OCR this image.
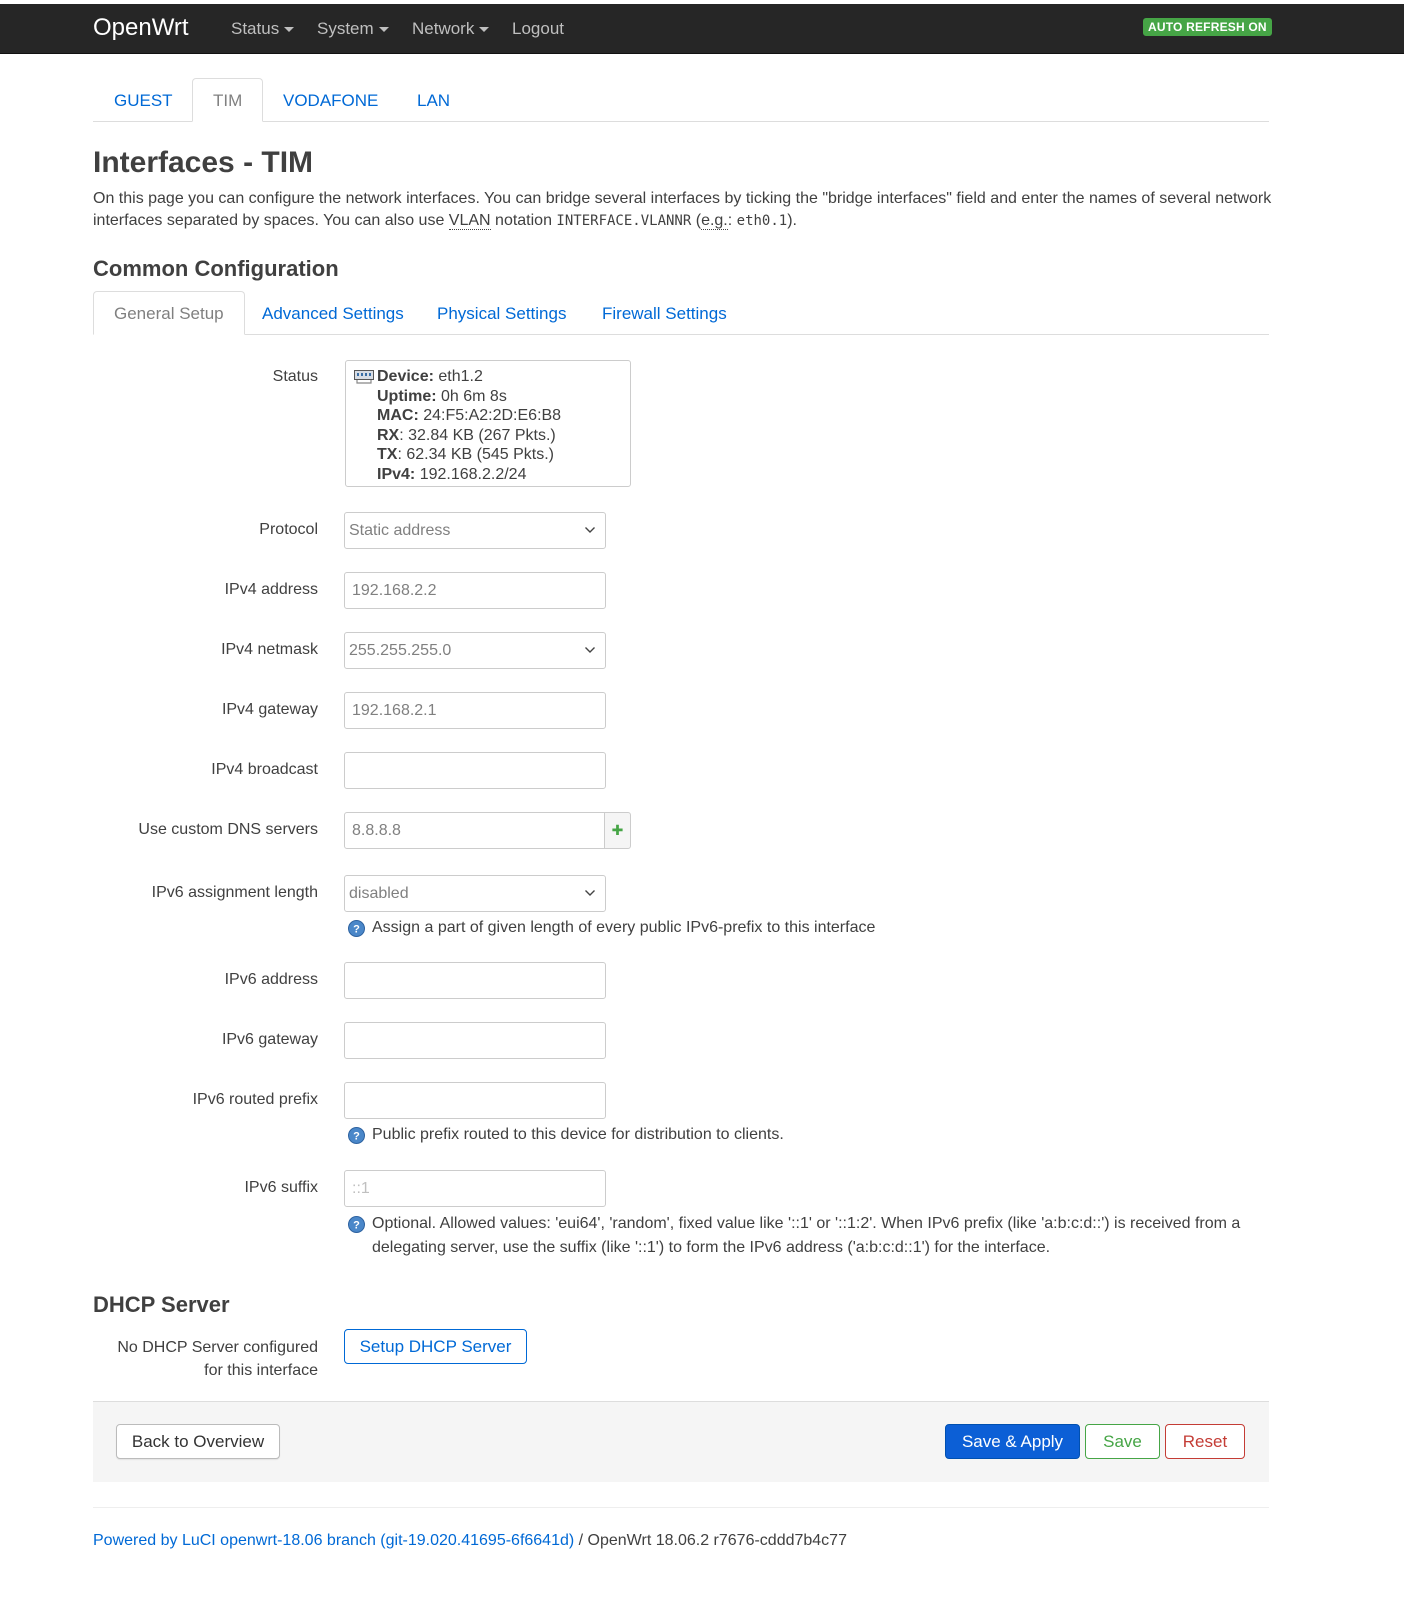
OpenWrt Status	System	Network	Logout	AUTO REFRESH ON
GUEST	TIM	VODAFONE	LAN
Interfaces - TIM
On this page you can configure the network interfaces. You can bridge several interfaces by ticking the "bridge interfaces" field and enter the names of several network interfaces separated by spaces. You can also use VLAN notation INTERFACE.VLANNR (e.g.: eth0.1).
Common Configuration
General Setup	Advanced Settings	Physical Settings	Firewall Settings
Status	Device: eth1.2
Uptime: 0h 6m 8s
MAC: 24:F5:A2:2D:E6:B8
RX: 32.84 KB (267 Pkts.)
TX: 62.34 KB (545 Pkts.)
IPv4: 192.168.2.2/24
Protocol	Static address
IPv4 address	192.168.2.2
IPv4 netmask	255.255.255.0
IPv4 gateway	192.168.2.1
IPv4 broadcast
Use custom DNS servers	8.8.8.8	✚
IPv6 assignment length	disabled
? Assign a part of given length of every public IPv6-prefix to this interface
IPv6 address
IPv6 gateway
IPv6 routed prefix
? Public prefix routed to this device for distribution to clients.
IPv6 suffix	::1
? Optional. Allowed values: 'eui64', 'random', fixed value like '::1' or '::1:2'. When IPv6 prefix (like 'a:b:c:d::') is received from a delegating server, use the suffix (like '::1') to form the IPv6 address ('a:b:c:d::1') for the interface.
DHCP Server
No DHCP Server configured
for this interface
Setup DHCP Server
Back to Overview	Save & Apply	Save	Reset
Powered by LuCI openwrt-18.06 branch (git-19.020.41695-6f6641d) / OpenWrt 18.06.2 r7676-cddd7b4c77
